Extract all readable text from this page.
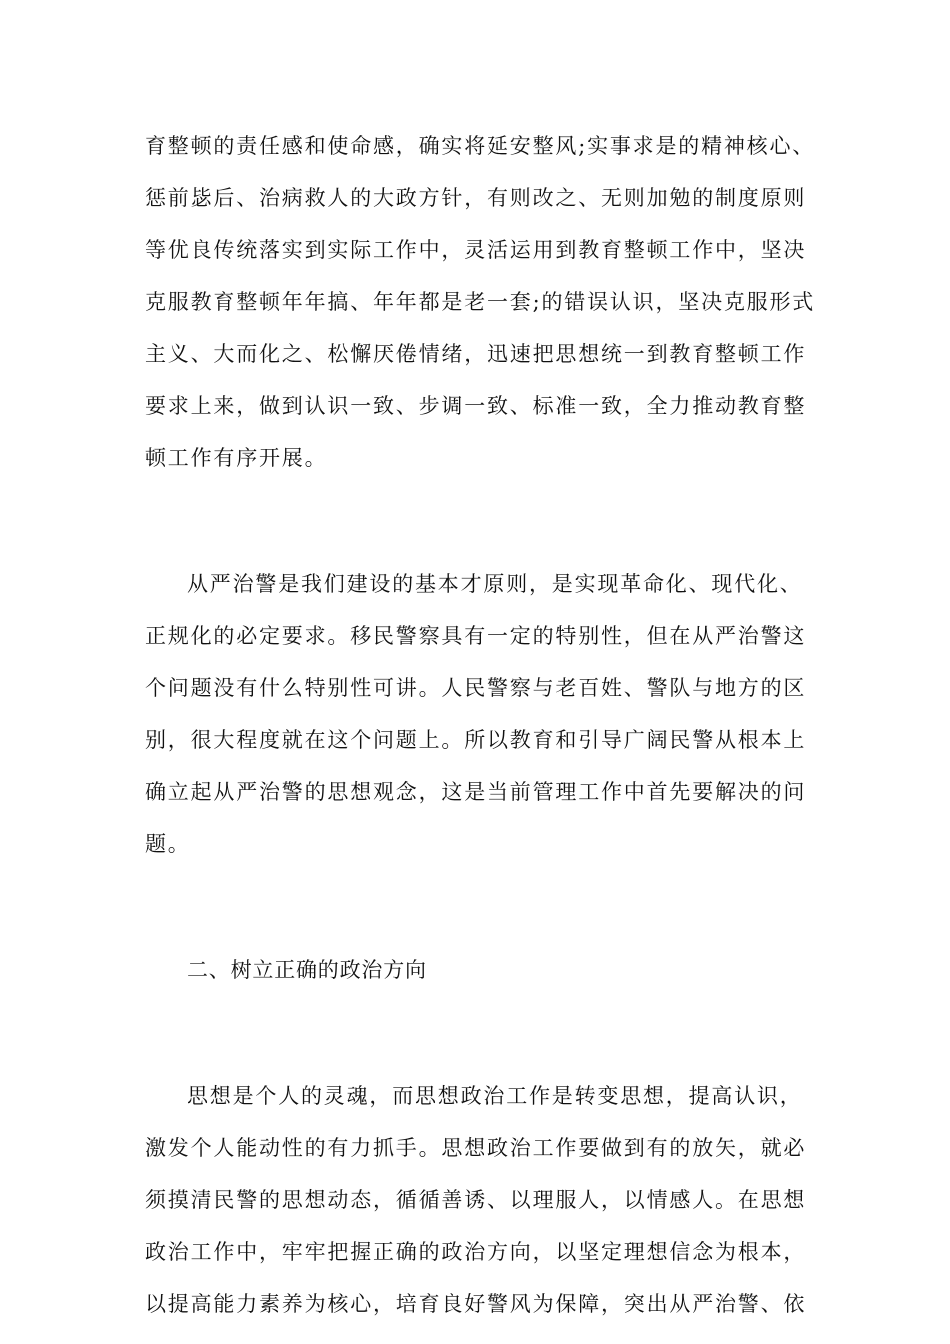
育整顿的责任感和使命感，确实将延安整风;实事求是的精神核心、
惩前毖后、治病救人的大政方针，有则改之、无则加勉的制度原则
等优良传统落实到实际工作中，灵活运用到教育整顿工作中，坚决
克服教育整顿年年搞、年年都是老一套;的错误认识，坚决克服形式
主义、大而化之、松懈厌倦情绪，迅速把思想统一到教育整顿工作
要求上来，做到认识一致、步调一致、标准一致，全力推动教育整
顿工作有序开展。
从严治警是我们建设的基本才原则，是实现革命化、现代化、
正规化的必定要求。移民警察具有一定的特别性，但在从严治警这
个问题没有什么特别性可讲。人民警察与老百姓、警队与地方的区
别，很大程度就在这个问题上。所以教育和引导广阔民警从根本上
确立起从严治警的思想观念，这是当前管理工作中首先要解决的问
题。
二、树立正确的政治方向
思想是个人的灵魂，而思想政治工作是转变思想，提高认识，
激发个人能动性的有力抓手。思想政治工作要做到有的放矢，就必
须摸清民警的思想动态，循循善诱、以理服人，以情感人。在思想
政治工作中，牢牢把握正确的政治方向，以坚定理想信念为根本，
以提高能力素养为核心，培育良好警风为保障，突出从严治警、依
